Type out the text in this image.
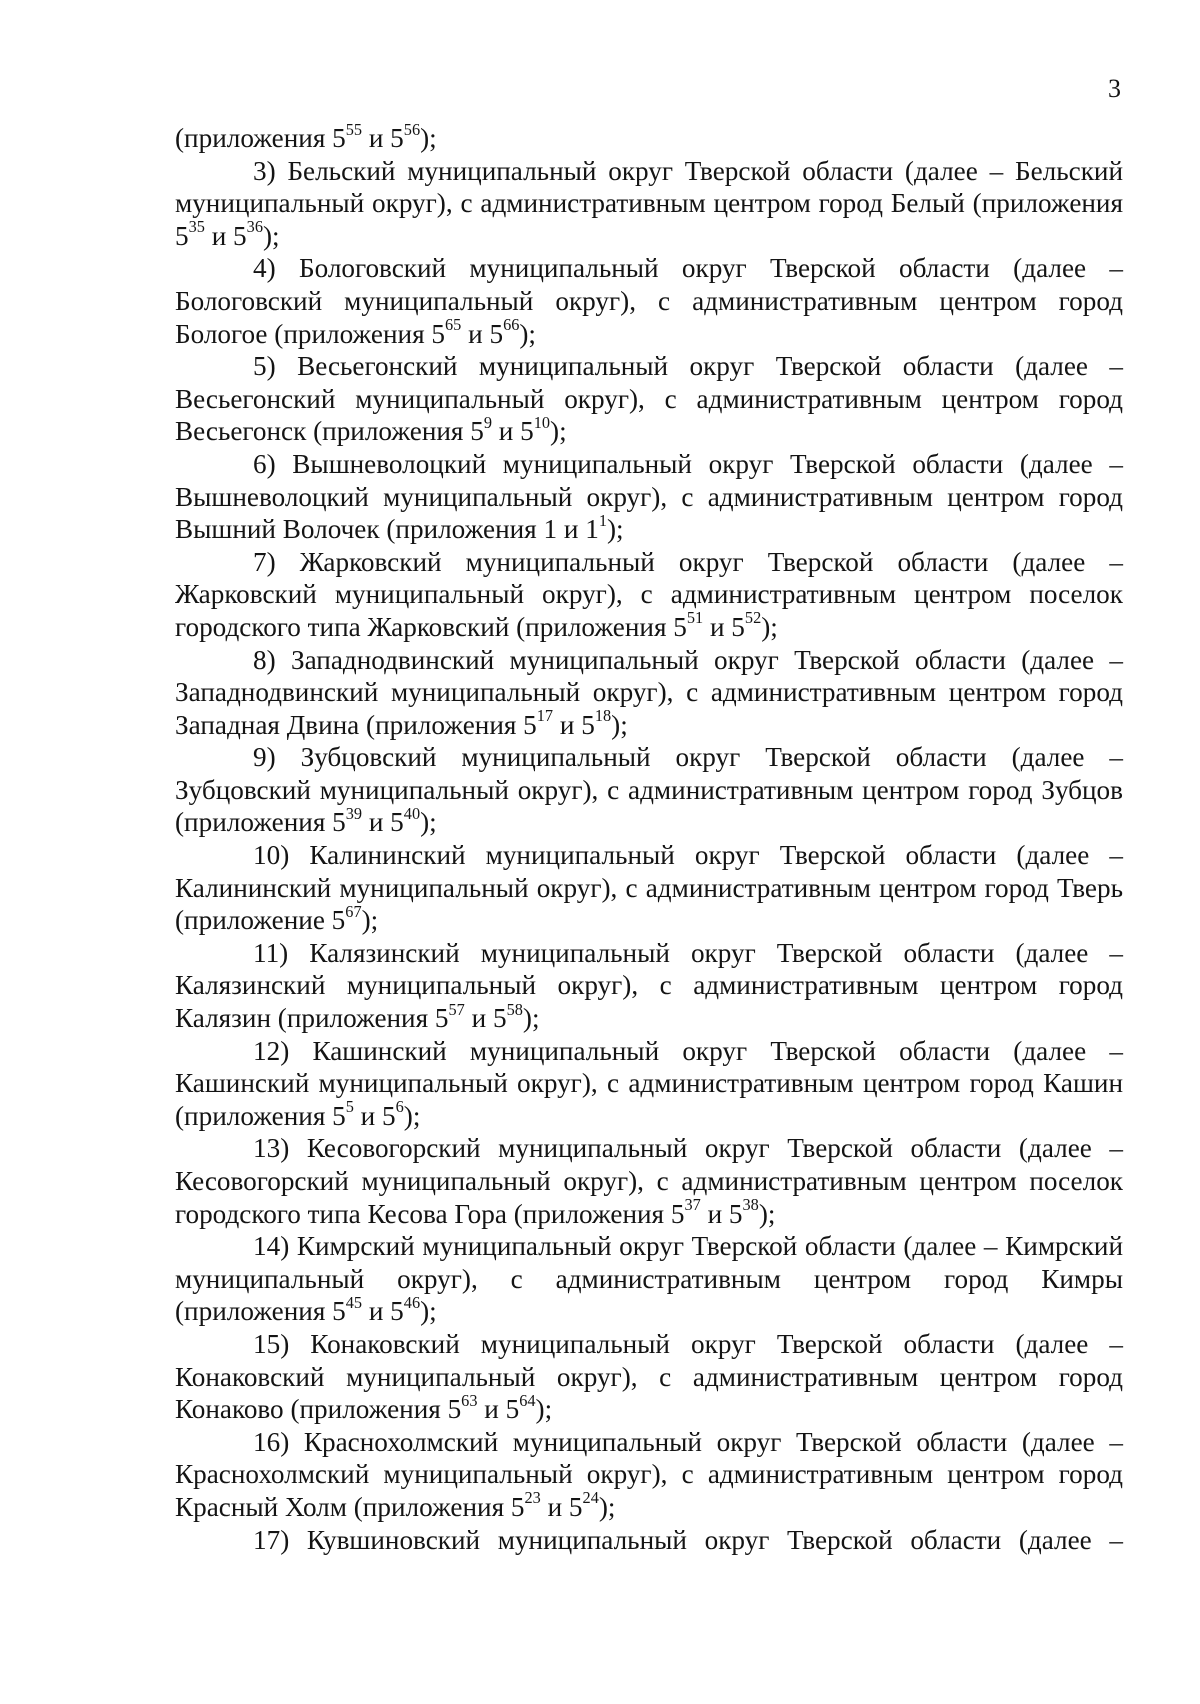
3

(приложения $5^{55}$ и $5^{56}$);

3) Бельский муниципальный округ Тверской области (далее – Бельский муниципальный округ), с административным центром город Белый (приложения $5^{35}$ и $5^{36}$);

4) Бологовский муниципальный округ Тверской области (далее – Бологовский муниципальный округ), с административным центром город Бологое (приложения $5^{65}$ и $5^{66}$);

5) Весьегонский муниципальный округ Тверской области (далее – Весьегонский муниципальный округ), с административным центром город Весьегонск (приложения $5^9$ и $5^{10}$);

6) Вышневолоцкий муниципальный округ Тверской области (далее – Вышневолоцкий муниципальный округ), с административным центром город Вышний Волочек (приложения 1 и $1^1$);

7) Жарковский муниципальный округ Тверской области (далее – Жарковский муниципальный округ), с административным центром поселок городского типа Жарковский (приложения $5^{51}$ и $5^{52}$);

8) Западнодвинский муниципальный округ Тверской области (далее – Западнодвинский муниципальный округ), с административным центром город Западная Двина (приложения $5^{17}$ и $5^{18}$);

9) Зубцовский муниципальный округ Тверской области (далее – Зубцовский муниципальный округ), с административным центром город Зубцов (приложения $5^{39}$ и $5^{40}$);

10) Калининский муниципальный округ Тверской области (далее – Калининский муниципальный округ), с административным центром город Тверь (приложение $5^{67}$);

11) Калязинский муниципальный округ Тверской области (далее – Калязинский муниципальный округ), с административным центром город Калязин (приложения $5^{57}$ и $5^{58}$);

12) Кашинский муниципальный округ Тверской области (далее – Кашинский муниципальный округ), с административным центром город Кашин (приложения $5^5$ и $5^6$);

13) Кесовогорский муниципальный округ Тверской области (далее – Кесовогорский муниципальный округ), с административным центром поселок городского типа Кесова Гора (приложения $5^{37}$ и $5^{38}$);

14) Кимрский муниципальный округ Тверской области (далее – Кимрский муниципальный округ), с административным центром город Кимры (приложения $5^{45}$ и $5^{46}$);

15) Конаковский муниципальный округ Тверской области (далее – Конаковский муниципальный округ), с административным центром город Конаково (приложения $5^{63}$ и $5^{64}$);

16) Краснохолмский муниципальный округ Тверской области (далее – Краснохолмский муниципальный округ), с административным центром город Красный Холм (приложения $5^{23}$ и $5^{24}$);

17) Кувшиновский муниципальный округ Тверской области (далее –
